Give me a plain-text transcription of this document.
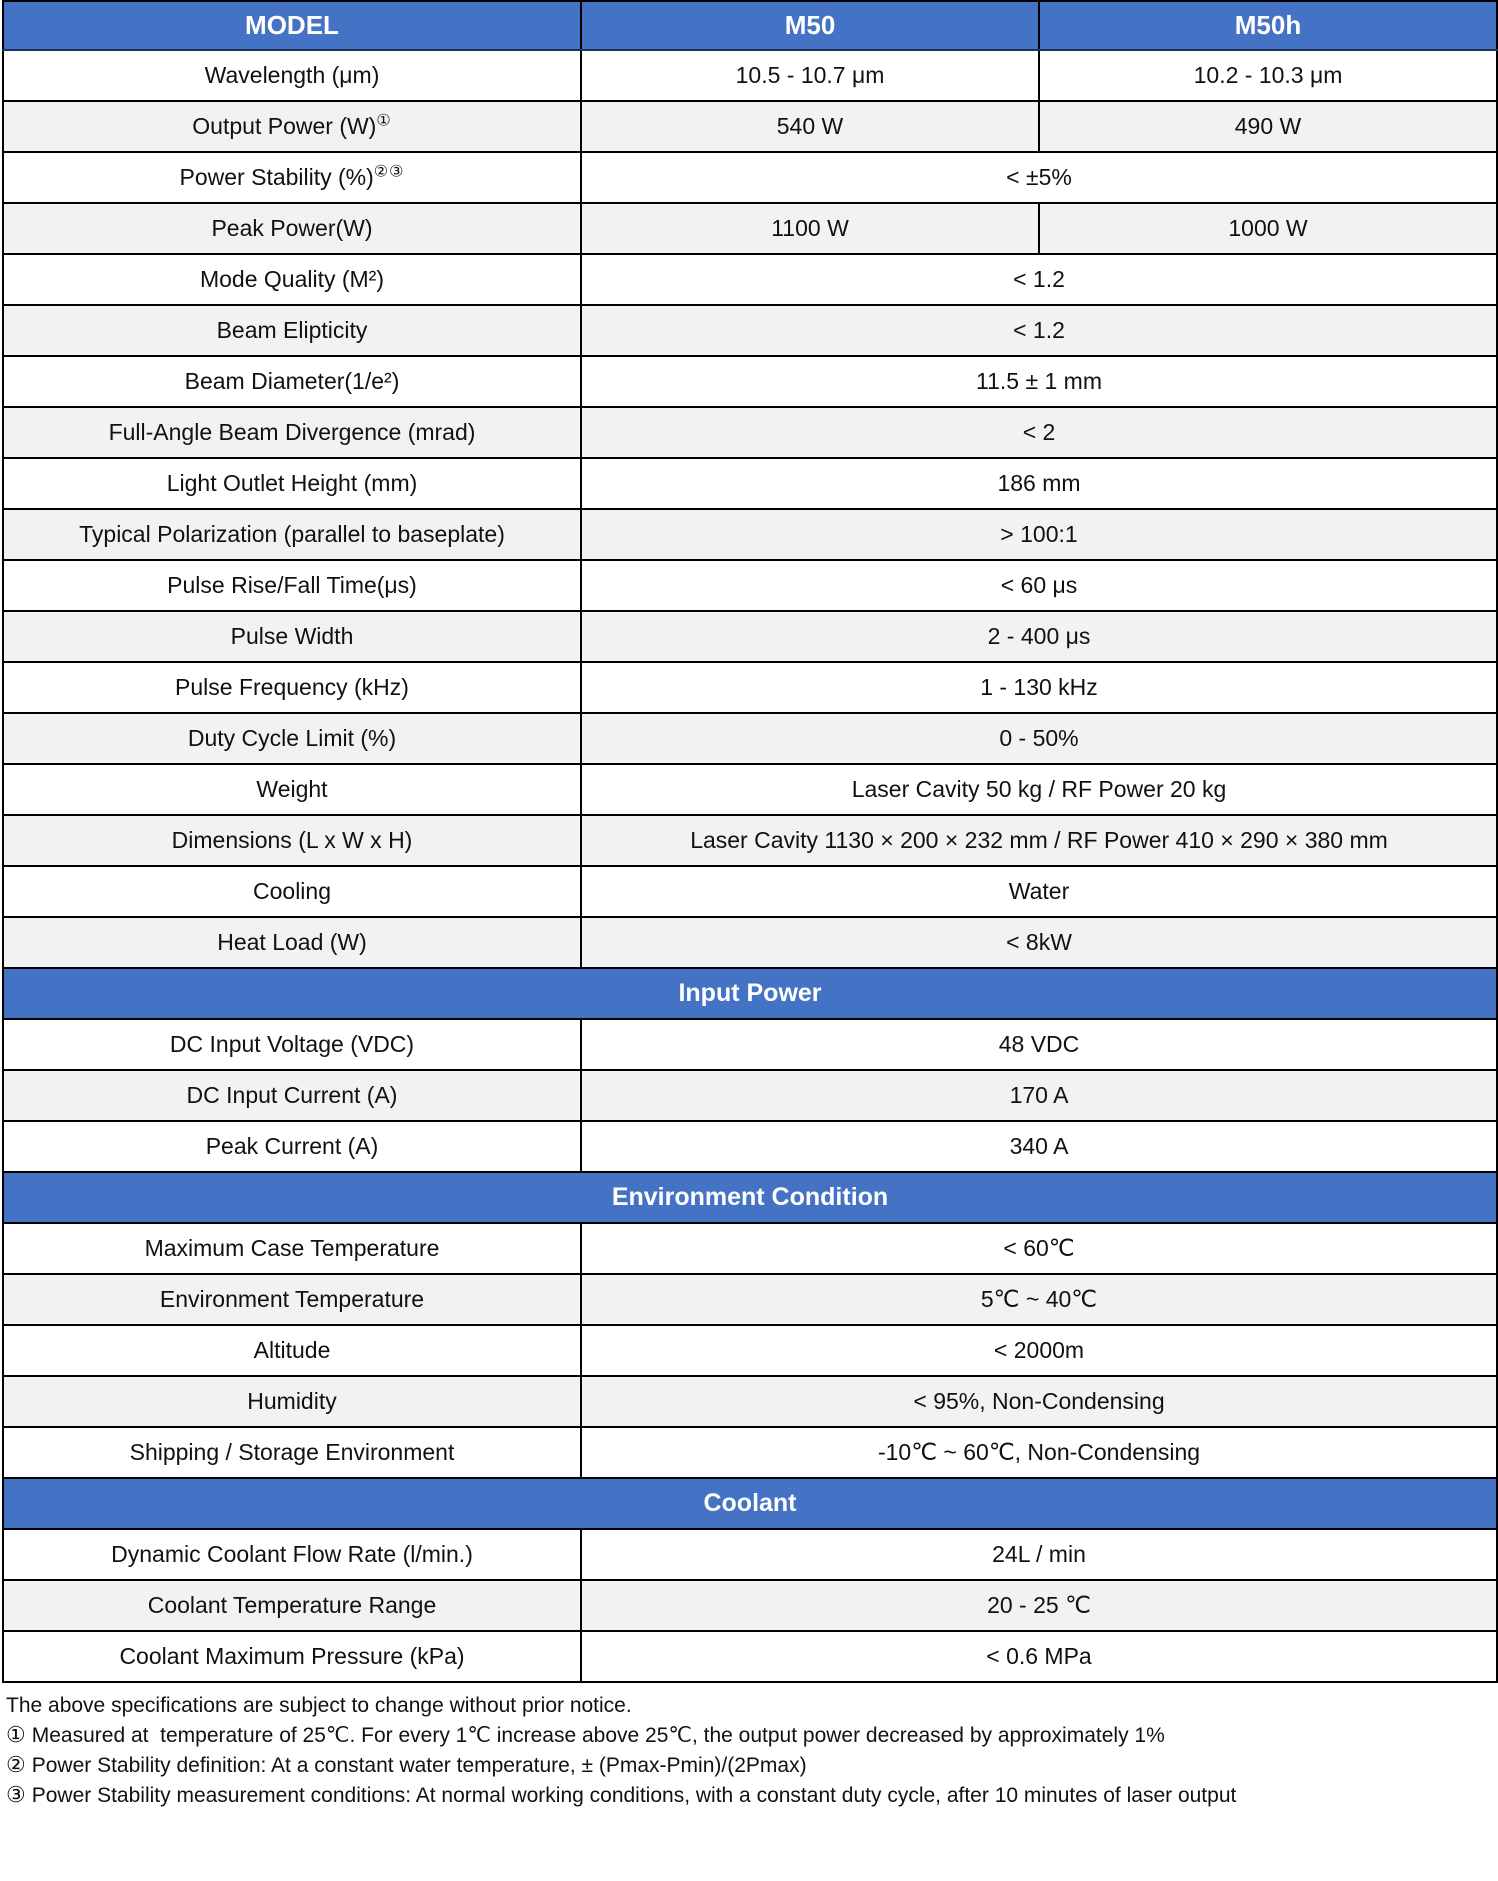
MODEL	M50	M50h
Wavelength (μm)	10.5 - 10.7 μm	10.2 - 10.3 μm
Output Power (W)①	540 W	490 W
Power Stability (%)②③	< ±5%	
Peak Power(W)	1100 W	1000 W
Mode Quality (M²)	< 1.2	
Beam Elipticity	< 1.2	
Beam Diameter(1/e²)	11.5 ± 1 mm	
Full-Angle Beam Divergence (mrad)	< 2	
Light Outlet Height (mm)	186 mm	
Typical Polarization (parallel to baseplate)	> 100:1	
Pulse Rise/Fall Time(μs)	< 60 μs	
Pulse Width	2 - 400 μs	
Pulse Frequency (kHz)	1 - 130 kHz	
Duty Cycle Limit (%)	0 - 50%	
Weight	Laser Cavity 50 kg / RF Power 20 kg	
Dimensions (L x W x H)	Laser Cavity 1130 × 200 × 232 mm / RF Power 410 × 290 × 380 mm	
Cooling	Water	
Heat Load (W)	< 8kW	
Input Power		
DC Input Voltage (VDC)	48 VDC	
DC Input Current (A)	170 A	
Peak Current (A)	340 A	
Environment Condition		
Maximum Case Temperature	< 60℃	
Environment Temperature	5℃ ~ 40℃	
Altitude	< 2000m	
Humidity	< 95%, Non-Condensing	
Shipping / Storage Environment	-10℃ ~ 60℃, Non-Condensing	
Coolant		
Dynamic Coolant Flow Rate (l/min.)	24L / min	
Coolant Temperature Range	20 - 25 ℃	
Coolant Maximum Pressure (kPa)	< 0.6 MPa	
The above specifications are subject to change without prior notice.
① Measured at  temperature of 25℃. For every 1℃ increase above 25℃, the output power decreased by approximately 1%
② Power Stability definition: At a constant water temperature, ± (Pmax-Pmin)/(2Pmax)
③ Power Stability measurement conditions: At normal working conditions, with a constant duty cycle, after 10 minutes of laser output
